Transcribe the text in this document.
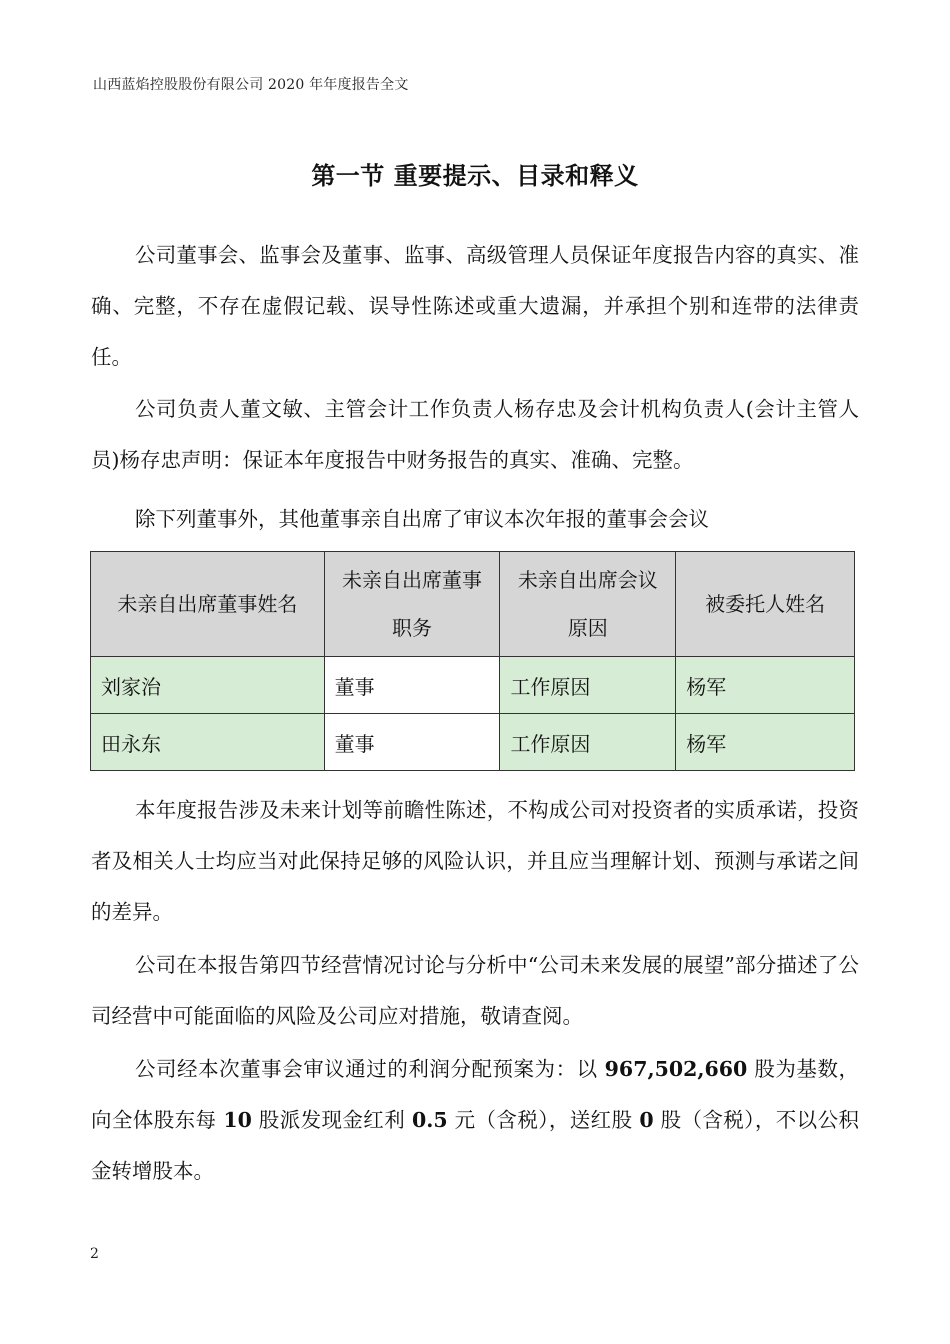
山西蓝焰控股股份有限公司 2020 年年度报告全文
第一节 重要提示、目录和释义

公司董事会、监事会及董事、监事、高级管理人员保证年度报告内容的真实、准确、完整，不存在虚假记载、误导性陈述或重大遗漏，并承担个别和连带的法律责任。

公司负责人董文敏、主管会计工作负责人杨存忠及会计机构负责人(会计主管人员)杨存忠声明：保证本年度报告中财务报告的真实、准确、完整。

除下列董事外，其他董事亲自出席了审议本次年报的董事会会议

未亲自出席董事姓名	未亲自出席董事职务	未亲自出席会议原因	被委托人姓名
刘家治	董事	工作原因	杨军
田永东	董事	工作原因	杨军

本年度报告涉及未来计划等前瞻性陈述，不构成公司对投资者的实质承诺，投资者及相关人士均应当对此保持足够的风险认识，并且应当理解计划、预测与承诺之间的差异。

公司在本报告第四节经营情况讨论与分析中“公司未来发展的展望”部分描述了公司经营中可能面临的风险及公司应对措施，敬请查阅。

公司经本次董事会审议通过的利润分配预案为：以 967,502,660 股为基数，向全体股东每 10 股派发现金红利 0.5 元（含税），送红股 0 股（含税），不以公积金转增股本。

2
